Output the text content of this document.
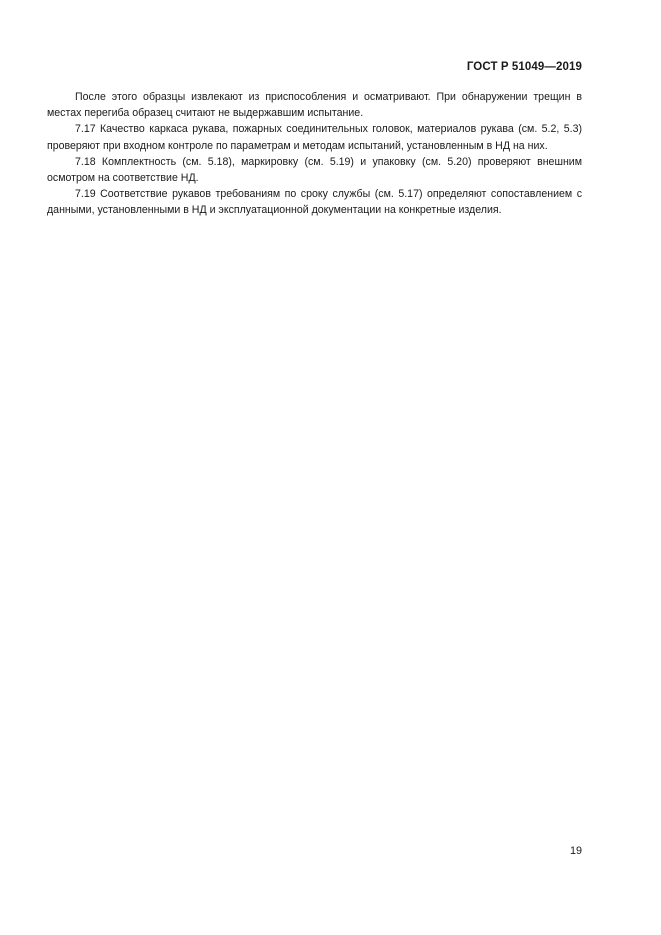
ГОСТ Р 51049—2019

После этого образцы извлекают из приспособления и осматривают. При обнаружении трещин в местах перегиба образец считают не выдержавшим испытание.

7.17 Качество каркаса рукава, пожарных соединительных головок, материалов рукава (см. 5.2, 5.3) проверяют при входном контроле по параметрам и методам испытаний, установленным в НД на них.

7.18 Комплектность (см. 5.18), маркировку (см. 5.19) и упаковку (см. 5.20) проверяют внешним осмотром на соответствие НД.

7.19 Соответствие рукавов требованиям по сроку службы (см. 5.17) определяют сопоставлением с данными, установленными в НД и эксплуатационной документации на конкретные изделия.

19
